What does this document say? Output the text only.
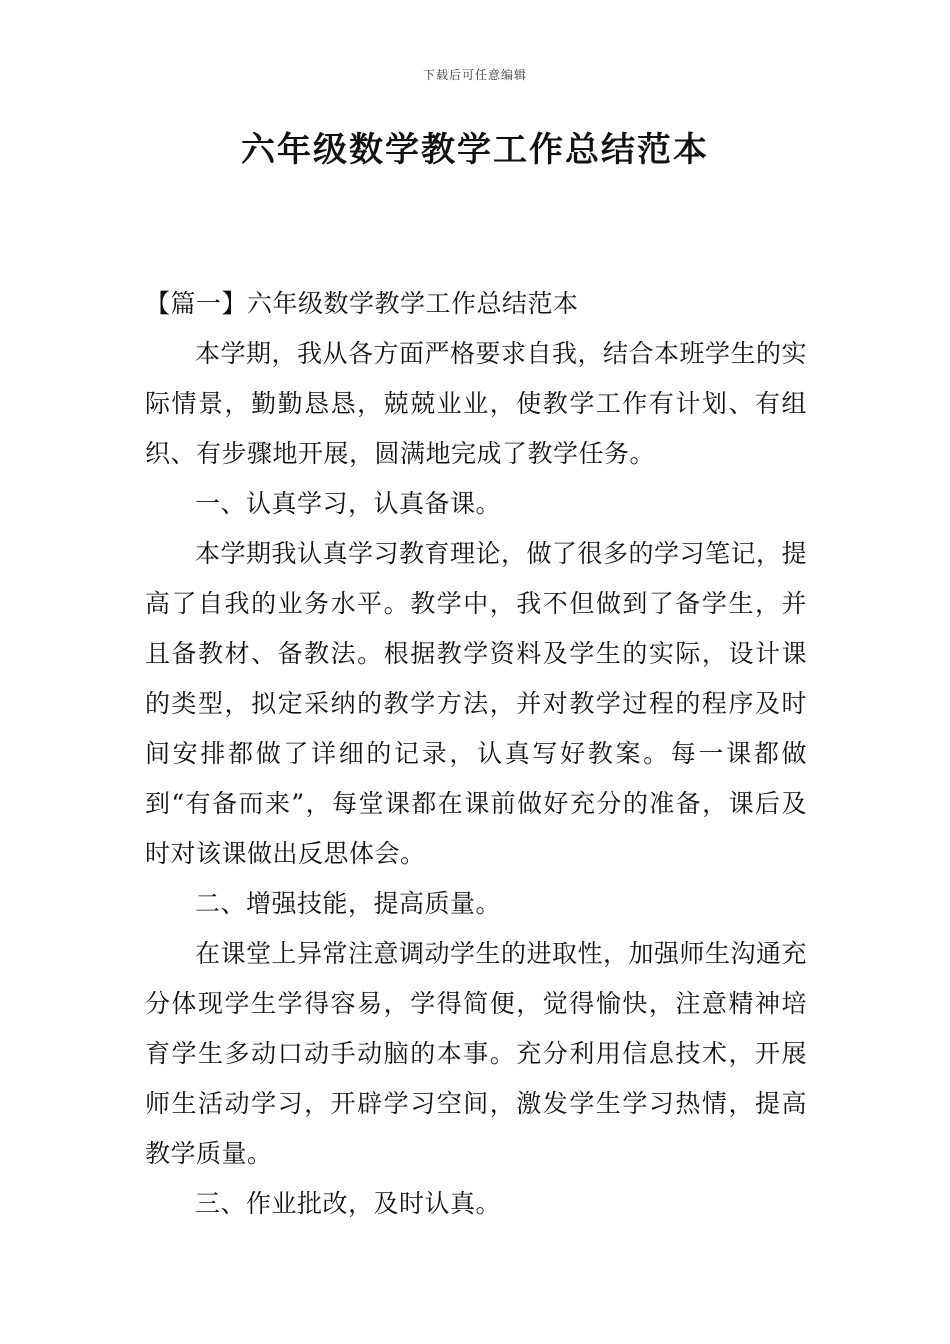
下载后可任意编辑
六年级数学教学工作总结范本

【篇一】六年级数学教学工作总结范本

本学期，我从各方面严格要求自我，结合本班学生的实际情景，勤勤恳恳，兢兢业业，使教学工作有计划、有组织、有步骤地开展，圆满地完成了教学任务。

一、认真学习，认真备课。

本学期我认真学习教育理论，做了很多的学习笔记，提高了自我的业务水平。教学中，我不但做到了备学生，并且备教材、备教法。根据教学资料及学生的实际，设计课的类型，拟定采纳的教学方法，并对教学过程的程序及时间安排都做了详细的记录，认真写好教案。每一课都做到“有备而来”，每堂课都在课前做好充分的准备，课后及时对该课做出反思体会。

二、增强技能，提高质量。

在课堂上异常注意调动学生的进取性，加强师生沟通充分体现学生学得容易，学得简便，觉得愉快，注意精神培育学生多动口动手动脑的本事。充分利用信息技术，开展师生活动学习，开辟学习空间，激发学生学习热情，提高教学质量。

三、作业批改，及时认真。
